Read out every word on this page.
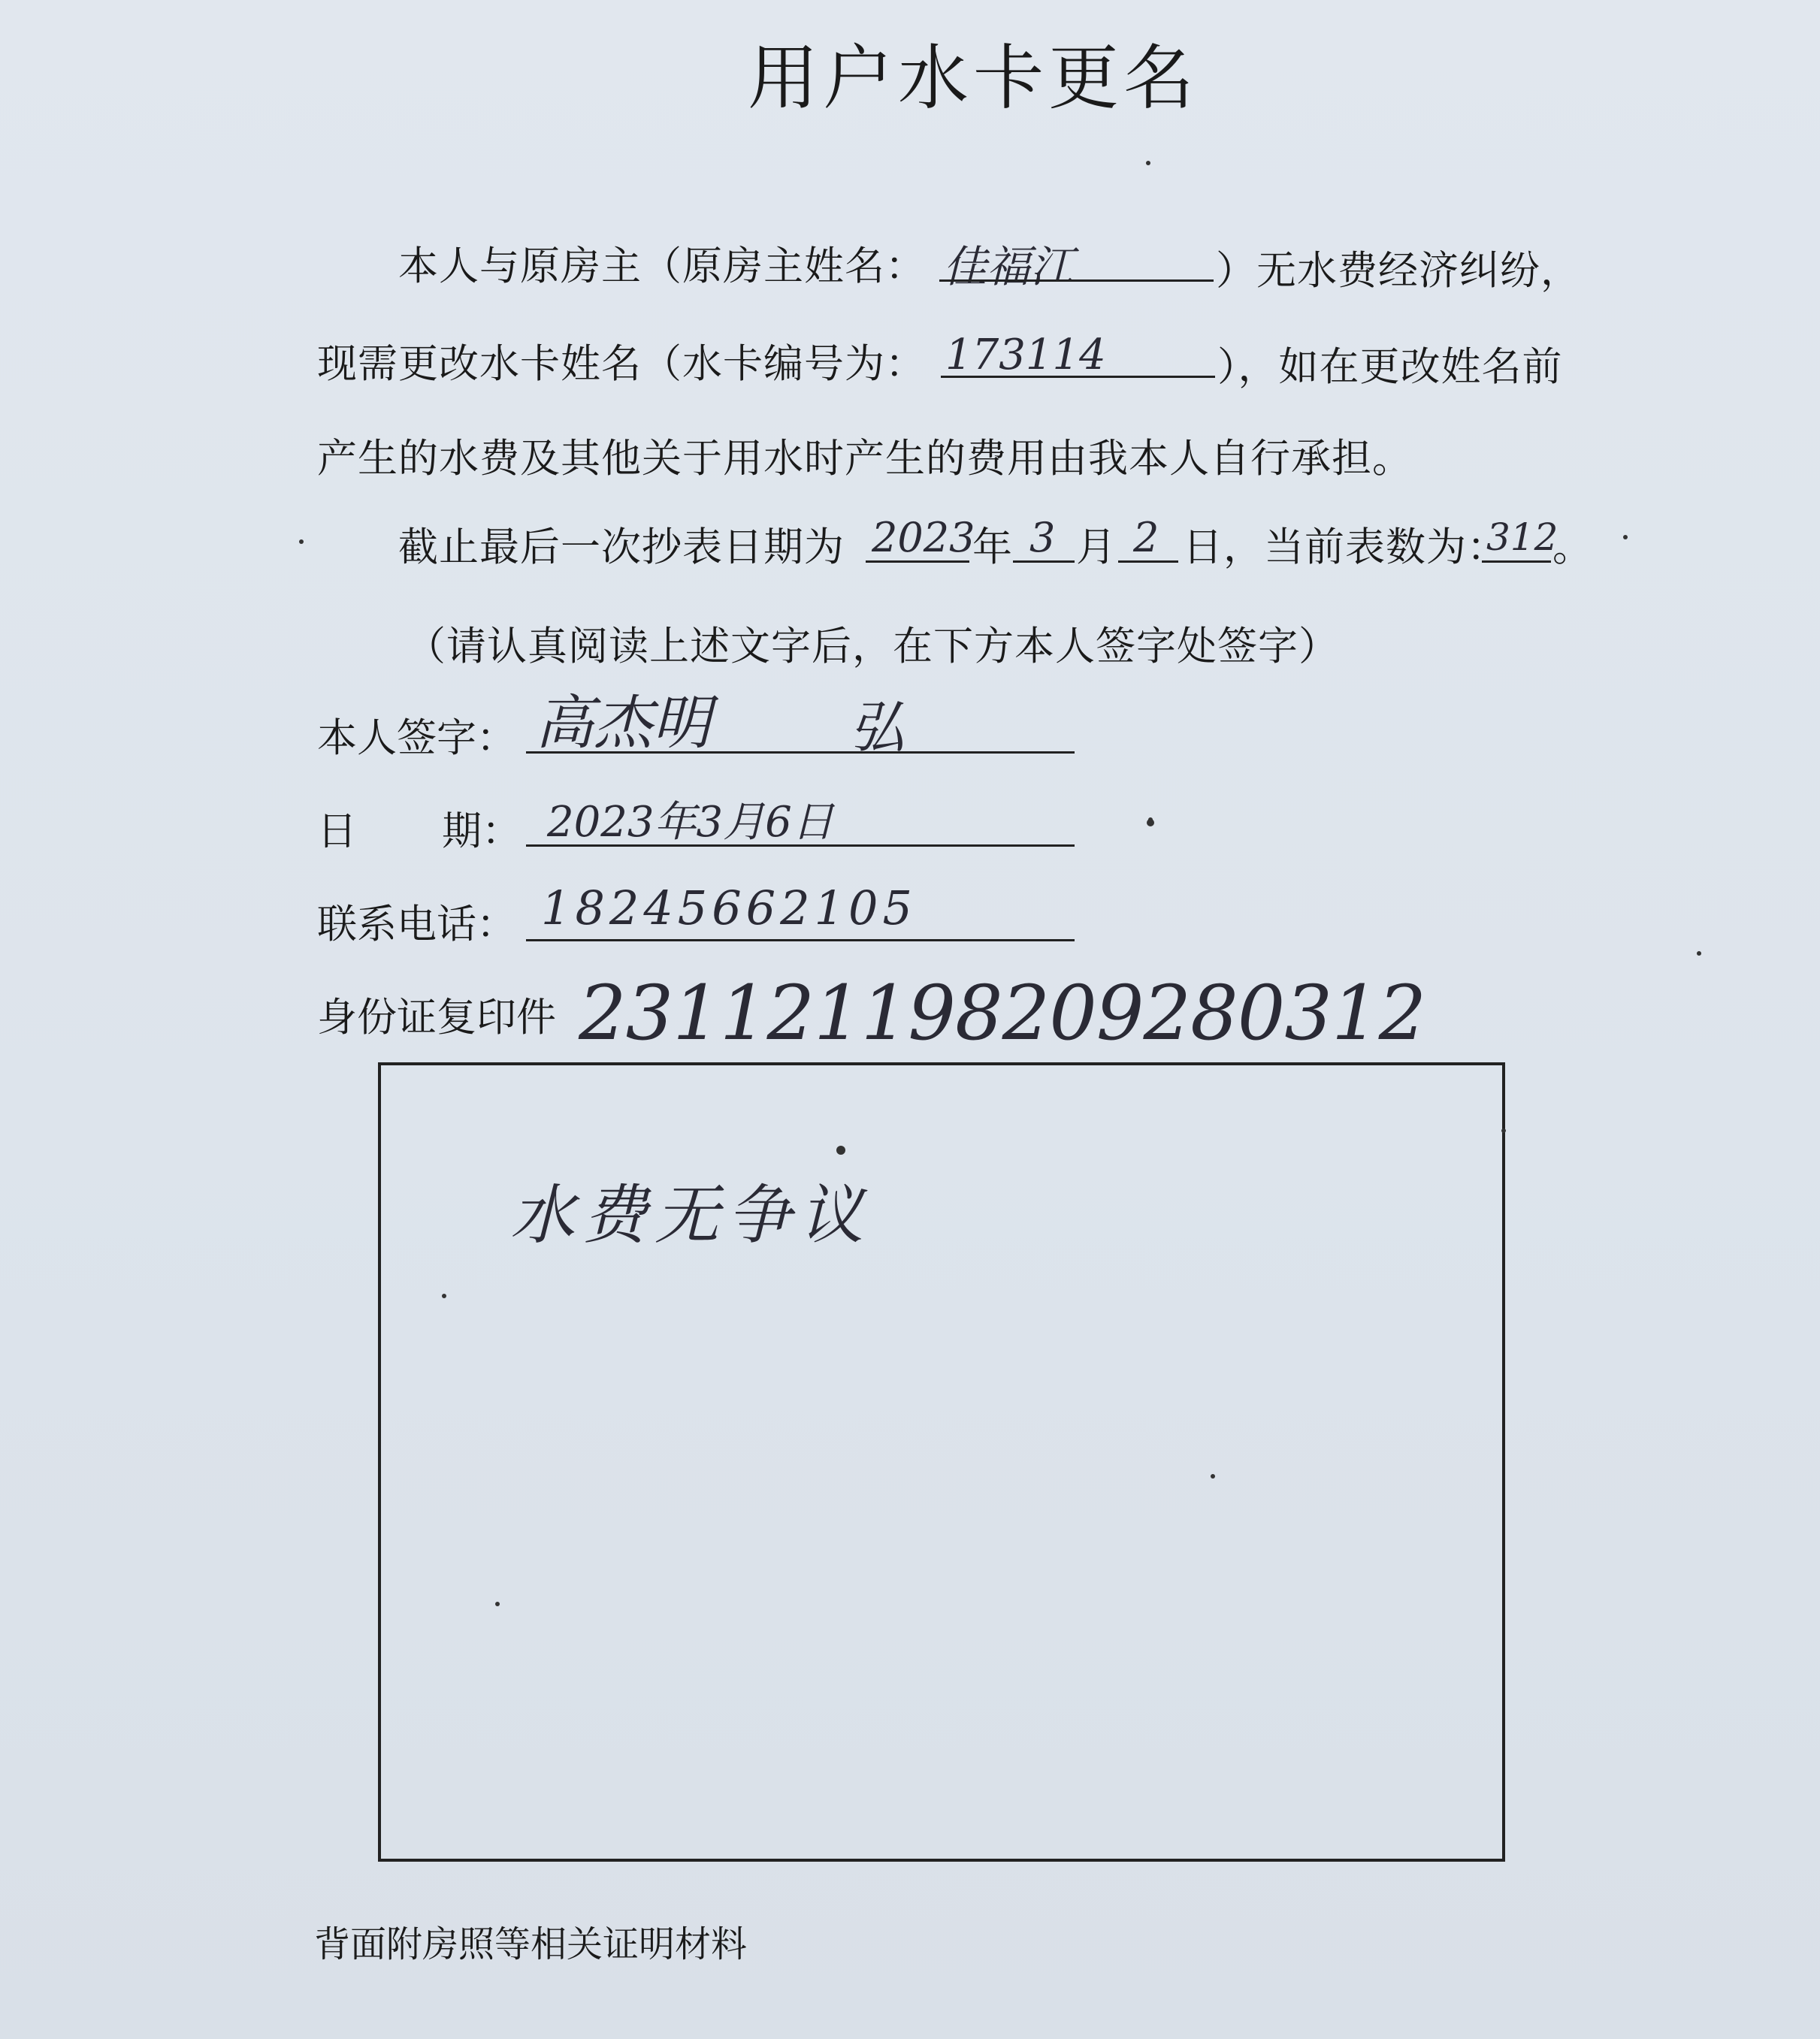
用户水卡更名
本人与原房主（原房主姓名： 佳福江	）无水费经济纠纷，
现需更改水卡姓名（水卡编号为： 173114	），如在更改姓名前
产生的水费及其他关于用水时产生的费用由我本人自行承担。
截止最后一次抄表日期为 2023
年 3 月 2 日，当前表数为：
312
。
（请认真阅读上述文字后，在下方本人签字处签字）
本人签字： 高杰明 弘
日 期： 2023年3月6日
联系电话： 18245662105
身份证复印件 231121198209280312
水费无争议
背面附房照等相关证明材料
